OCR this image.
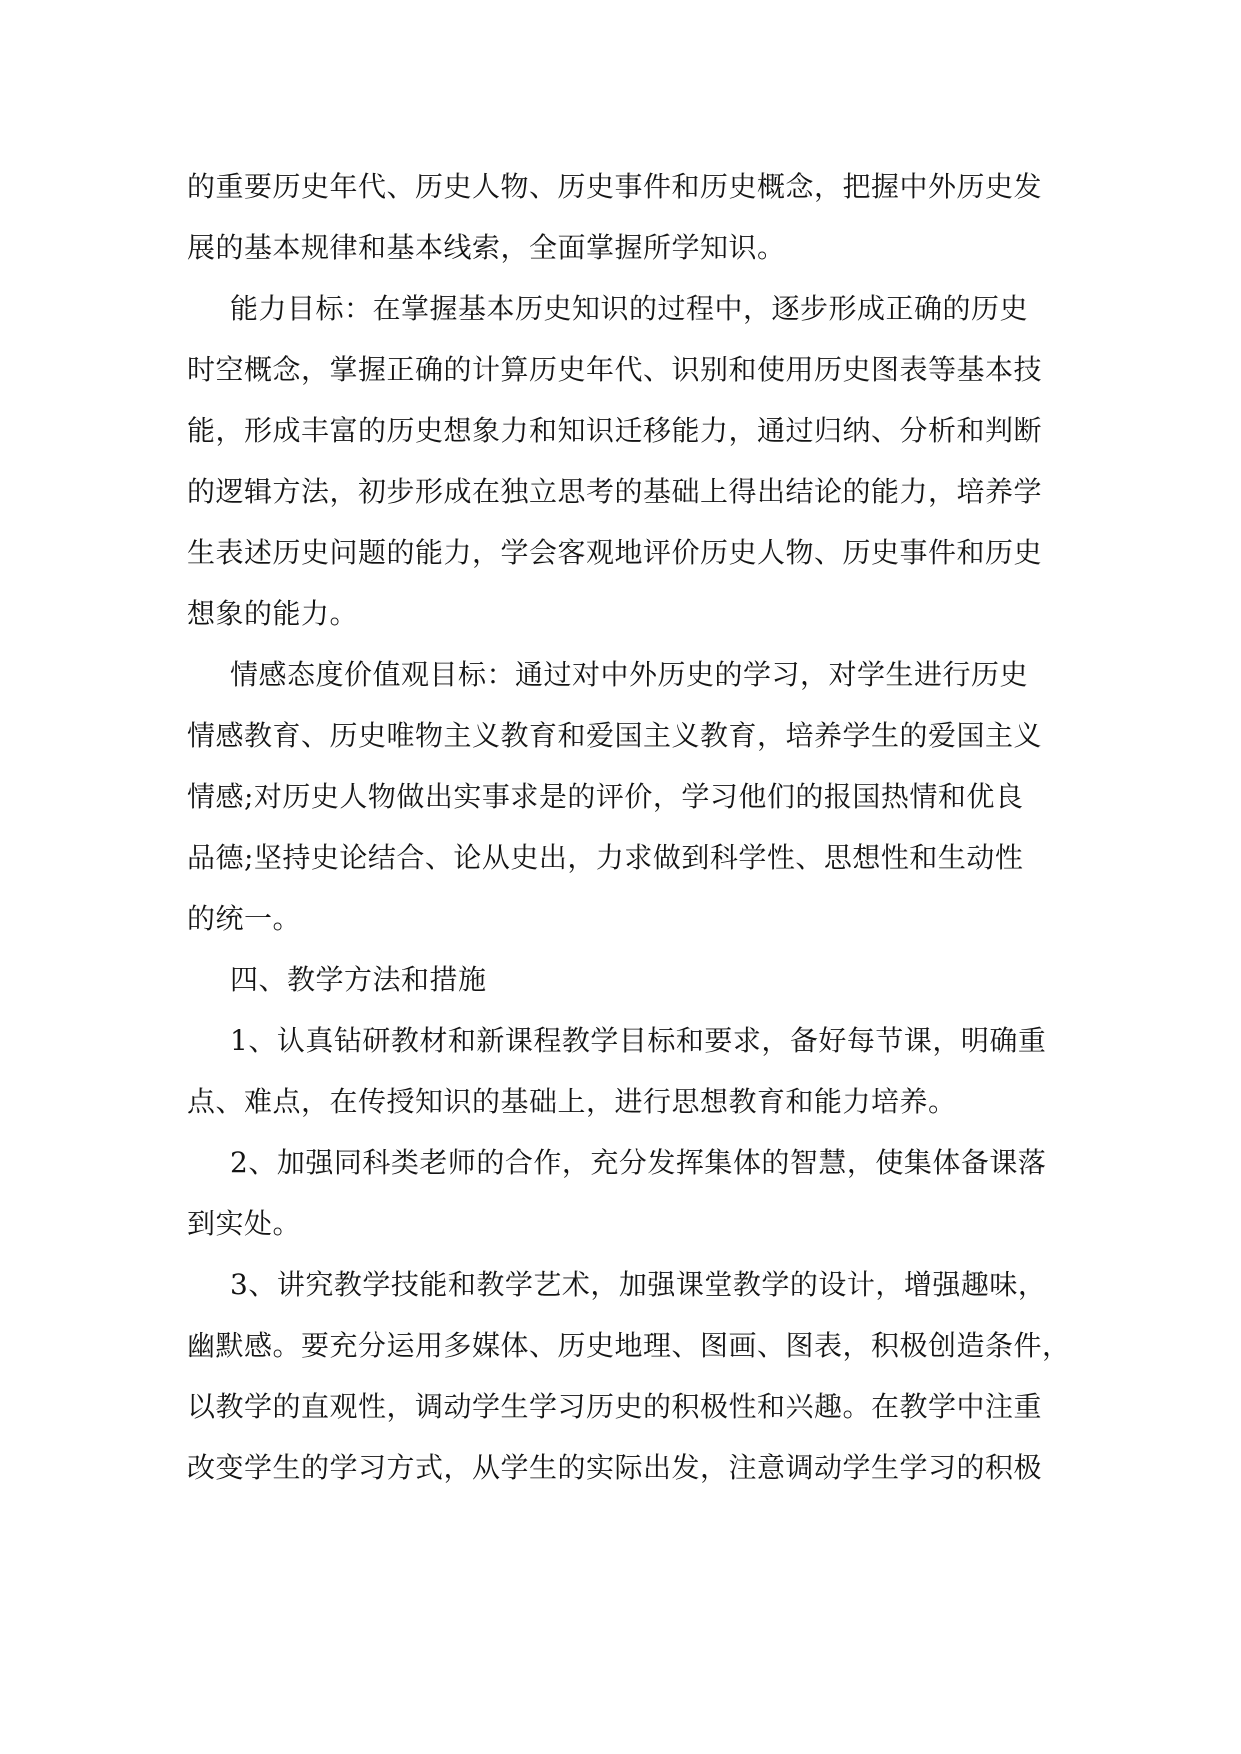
的重要历史年代、历史人物、历史事件和历史概念，把握中外历史发
展的基本规律和基本线索，全面掌握所学知识。
能力目标：在掌握基本历史知识的过程中，逐步形成正确的历史
时空概念，掌握正确的计算历史年代、识别和使用历史图表等基本技
能，形成丰富的历史想象力和知识迁移能力，通过归纳、分析和判断
的逻辑方法，初步形成在独立思考的基础上得出结论的能力，培养学
生表述历史问题的能力，学会客观地评价历史人物、历史事件和历史
想象的能力。
情感态度价值观目标：通过对中外历史的学习，对学生进行历史
情感教育、历史唯物主义教育和爱国主义教育，培养学生的爱国主义
情感;对历史人物做出实事求是的评价，学习他们的报国热情和优良
品德;坚持史论结合、论从史出，力求做到科学性、思想性和生动性
的统一。
四、教学方法和措施
1、认真钻研教材和新课程教学目标和要求，备好每节课，明确重
点、难点，在传授知识的基础上，进行思想教育和能力培养。
2、加强同科类老师的合作，充分发挥集体的智慧，使集体备课落
到实处。
3、讲究教学技能和教学艺术，加强课堂教学的设计，增强趣味，
幽默感。要充分运用多媒体、历史地理、图画、图表，积极创造条件，
以教学的直观性，调动学生学习历史的积极性和兴趣。在教学中注重
改变学生的学习方式，从学生的实际出发，注意调动学生学习的积极
